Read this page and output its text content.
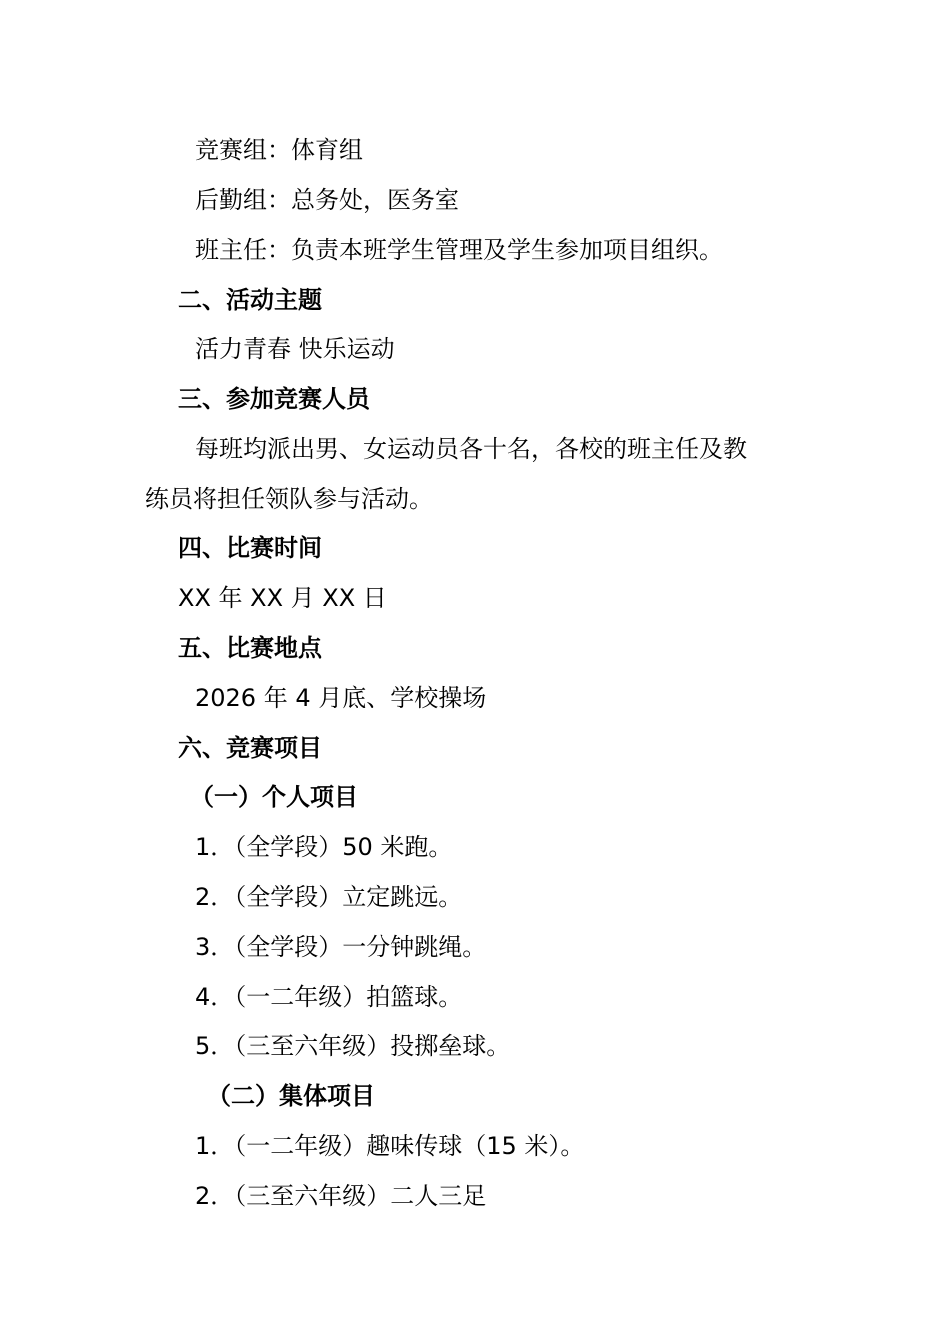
竞赛组：体育组
后勤组：总务处，医务室
班主任：负责本班学生管理及学生参加项目组织。
二、活动主题
活力青春 快乐运动
三、参加竞赛人员
每班均派出男、女运动员各十名，各校的班主任及教
练员将担任领队参与活动。
四、比赛时间
XX 年 XX 月 XX 日
五、比赛地点
2026 年 4 月底、学校操场
六、竞赛项目
（一）个人项目
1．（全学段）50 米跑。
2．（全学段）立定跳远。
3．（全学段）一分钟跳绳。
4．（一二年级）拍篮球。
5．（三至六年级）投掷垒球。
（二）集体项目
1．（一二年级）趣味传球（15 米）。
2．（三至六年级）二人三足
